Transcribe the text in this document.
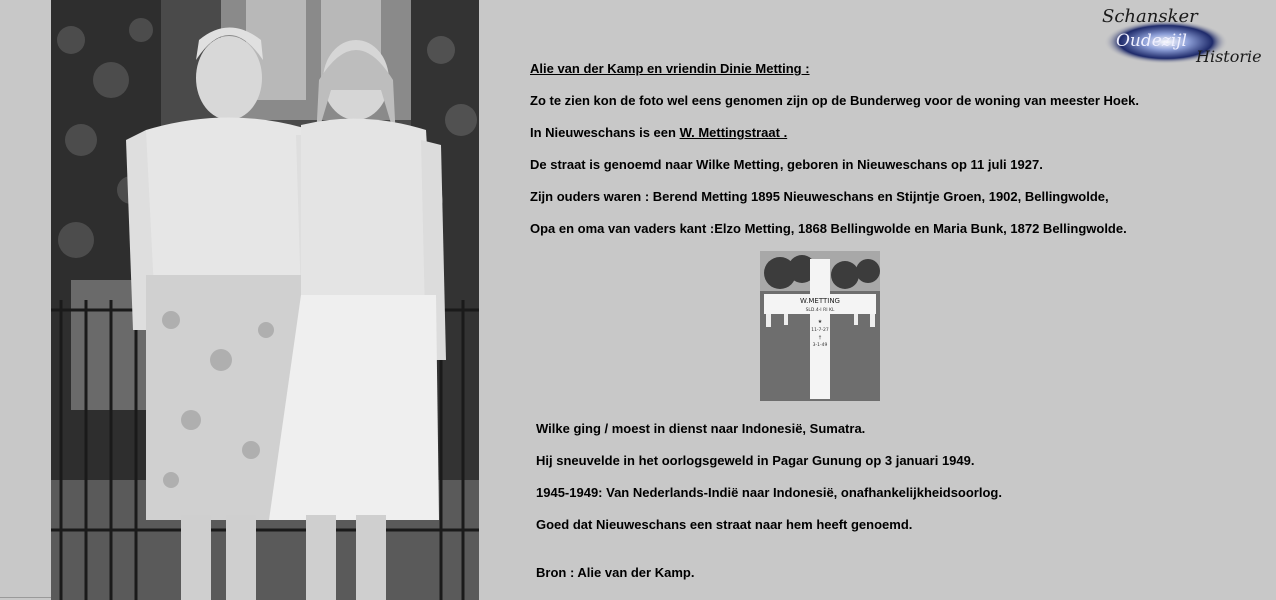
Schansker
Oudezijl
Historie
Alie van der Kamp en vriendin Dinie Metting :
Zo te zien kon de foto wel eens genomen zijn op de Bunderweg voor de woning van meester Hoek.
In Nieuweschans is een W. Mettingstraat .
De straat is genoemd naar Wilke Metting, geboren in Nieuweschans op 11 juli 1927.
Zijn ouders waren : Berend Metting 1895 Nieuweschans en Stijntje Groen, 1902, Bellingwolde,
Opa en oma van vaders kant :Elzo Metting, 1868 Bellingwolde en Maria Bunk, 1872 Bellingwolde.
W.METTING
SLD.4-I RI KL
★
11-7-27
†
3-1-49
Wilke ging / moest in dienst naar Indonesië, Sumatra.
Hij sneuvelde in het oorlogsgeweld in Pagar Gunung op 3 januari 1949.
1945-1949: Van Nederlands-Indië naar Indonesië, onafhankelijkheidsoorlog.
Goed dat Nieuweschans een straat naar hem heeft genoemd.
Bron : Alie van der Kamp.
